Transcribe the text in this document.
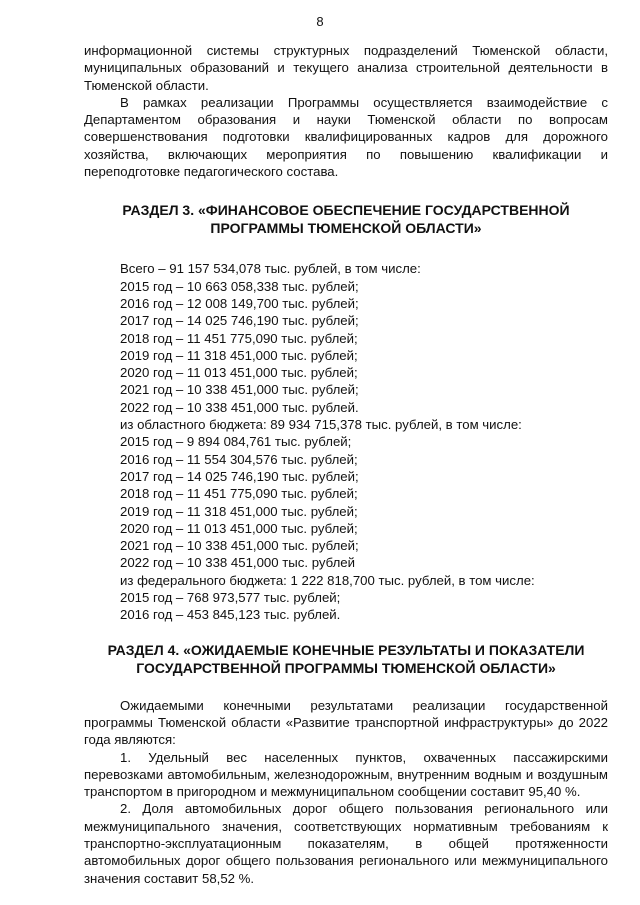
8

информационной системы структурных подразделений Тюменской области, муниципальных образований и текущего анализа строительной деятельности в Тюменской области.

В рамках реализации Программы осуществляется взаимодействие с Департаментом образования и науки Тюменской области по вопросам совершенствования подготовки квалифицированных кадров для дорожного хозяйства, включающих мероприятия по повышению квалификации и переподготовке педагогического состава.

РАЗДЕЛ 3. «ФИНАНСОВОЕ ОБЕСПЕЧЕНИЕ ГОСУДАРСТВЕННОЙ
ПРОГРАММЫ ТЮМЕНСКОЙ ОБЛАСТИ»
Всего – 91 157 534,078 тыс. рублей, в том числе:
2015 год – 10 663 058,338 тыс. рублей;
2016 год – 12 008 149,700 тыс. рублей;
2017 год – 14 025 746,190 тыс. рублей;
2018 год – 11 451 775,090 тыс. рублей;
2019 год – 11 318 451,000 тыс. рублей;
2020 год – 11 013 451,000 тыс. рублей;
2021 год – 10 338 451,000 тыс. рублей;
2022 год – 10 338 451,000 тыс. рублей.
из областного бюджета: 89 934 715,378 тыс. рублей, в том числе:
2015 год – 9 894 084,761 тыс. рублей;
2016 год – 11 554 304,576 тыс. рублей;
2017 год – 14 025 746,190 тыс. рублей;
2018 год – 11 451 775,090 тыс. рублей;
2019 год – 11 318 451,000 тыс. рублей;
2020 год – 11 013 451,000 тыс. рублей;
2021 год – 10 338 451,000 тыс. рублей;
2022 год – 10 338 451,000 тыс. рублей
из федерального бюджета: 1 222 818,700 тыс. рублей, в том числе:
2015 год – 768 973,577 тыс. рублей;
2016 год – 453 845,123 тыс. рублей.
РАЗДЕЛ 4. «ОЖИДАЕМЫЕ КОНЕЧНЫЕ РЕЗУЛЬТАТЫ И ПОКАЗАТЕЛИ
ГОСУДАРСТВЕННОЙ ПРОГРАММЫ ТЮМЕНСКОЙ ОБЛАСТИ»

Ожидаемыми конечными результатами реализации государственной программы Тюменской области «Развитие транспортной инфраструктуры» до 2022 года являются:

1. Удельный вес населенных пунктов, охваченных пассажирскими перевозками автомобильным, железнодорожным, внутренним водным и воздушным транспортом в пригородном и межмуниципальном сообщении составит 95,40 %.

2. Доля автомобильных дорог общего пользования регионального или межмуниципального значения, соответствующих нормативным требованиям к транспортно-эксплуатационным показателям, в общей протяженности автомобильных дорог общего пользования регионального или межмуниципального значения составит 58,52 %.
